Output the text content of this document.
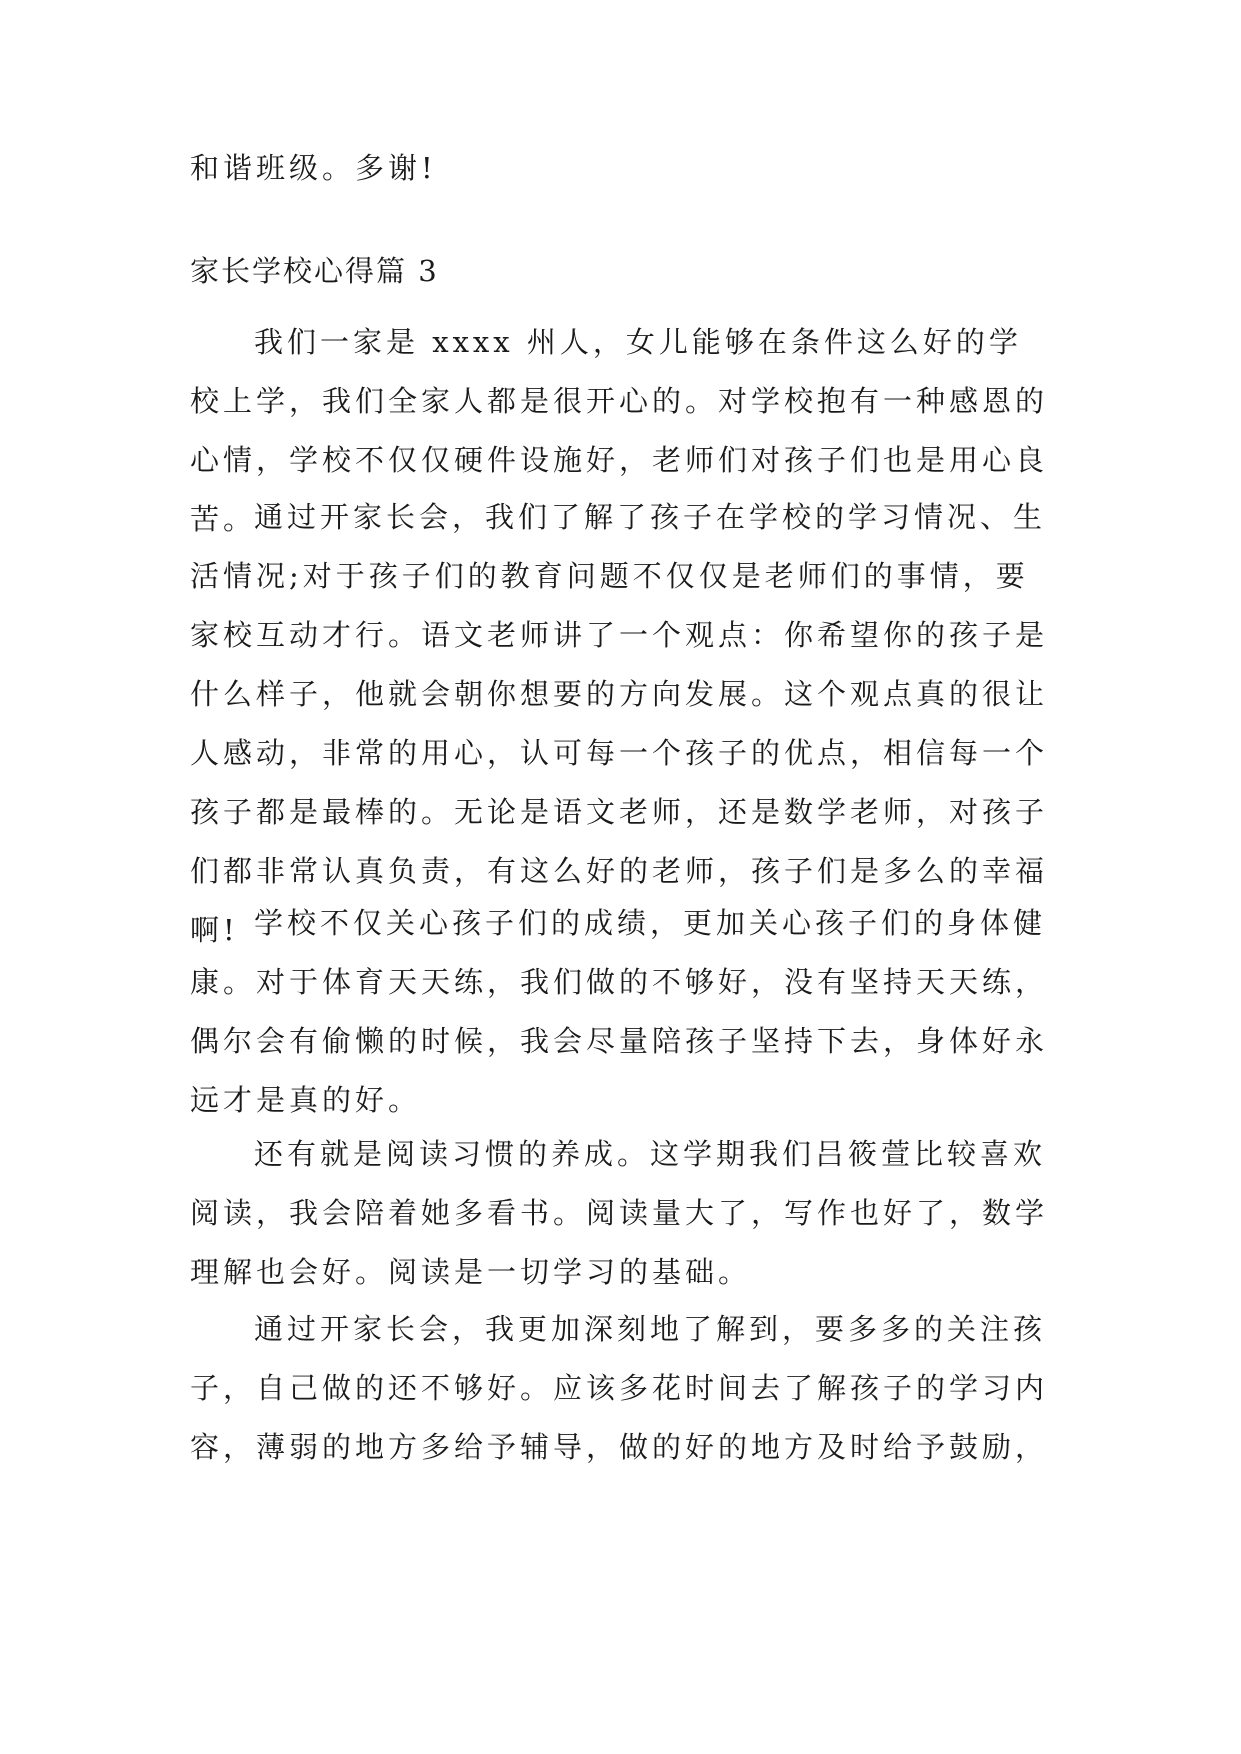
和谐班级。多谢!
家长学校心得篇 3

我们一家是 xxxx 州人，女儿能够在条件这么好的学校上学，我们全家人都是很开心的。对学校抱有一种感恩的心情，学校不仅仅硬件设施好，老师们对孩子们也是用心良苦。

通过开家长会，我们了解了孩子在学校的学习情况、生活情况;对于孩子们的教育问题不仅仅是老师们的事情，要家校互动才行。语文老师讲了一个观点：你希望你的孩子是什么样子，他就会朝你想要的方向发展。这个观点真的很让人感动，非常的用心，认可每一个孩子的优点，相信每一个孩子都是最棒的。无论是语文老师，还是数学老师，对孩子们都非常认真负责，有这么好的老师，孩子们是多么的幸福啊! 学校不仅关心孩子们的成绩，更加关心孩子们的身体健康。对于体育天天练，我们做的不够好，没有坚持天天练，偶尔会有偷懒的时候，我会尽量陪孩子坚持下去，身体好永远才是真的好。

还有就是阅读习惯的养成。这学期我们吕筱萱比较喜欢阅读，我会陪着她多看书。阅读量大了，写作也好了，数学理解也会好。阅读是一切学习的基础。

通过开家长会，我更加深刻地了解到，要多多的关注孩子，自己做的还不够好。应该多花时间去了解孩子的学习内容，薄弱的地方多给予辅导，做的好的地方及时给予鼓励，
